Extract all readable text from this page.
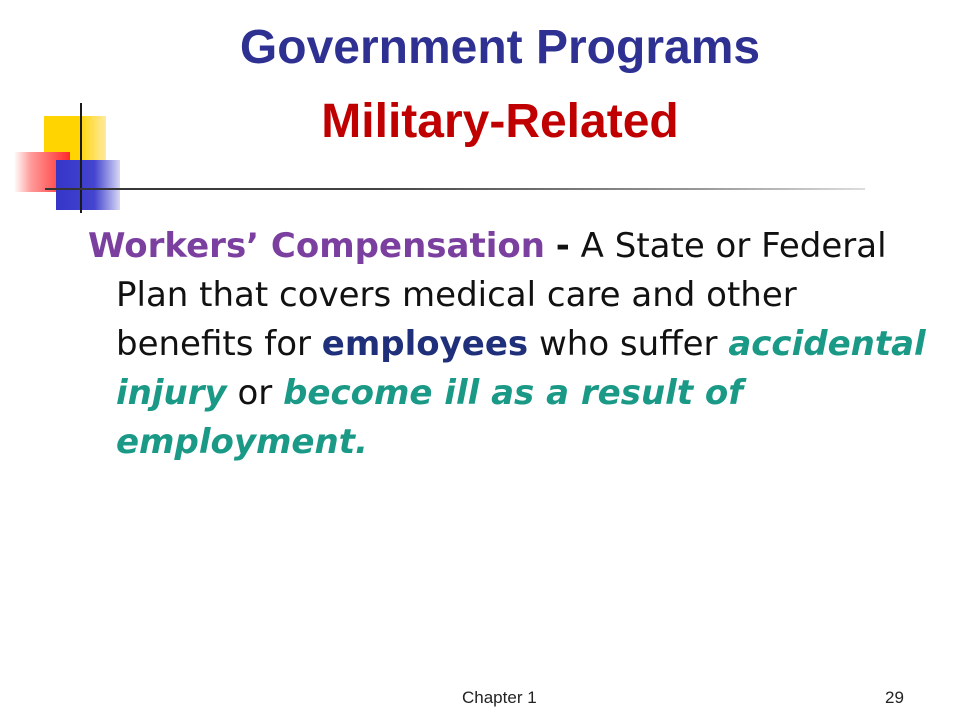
Government Programs
Military-Related
Workers’ Compensation - A State or Federal Plan that covers medical care and other benefits for employees who suffer accidental injury or become ill as a result of employment.
Chapter 1	29
